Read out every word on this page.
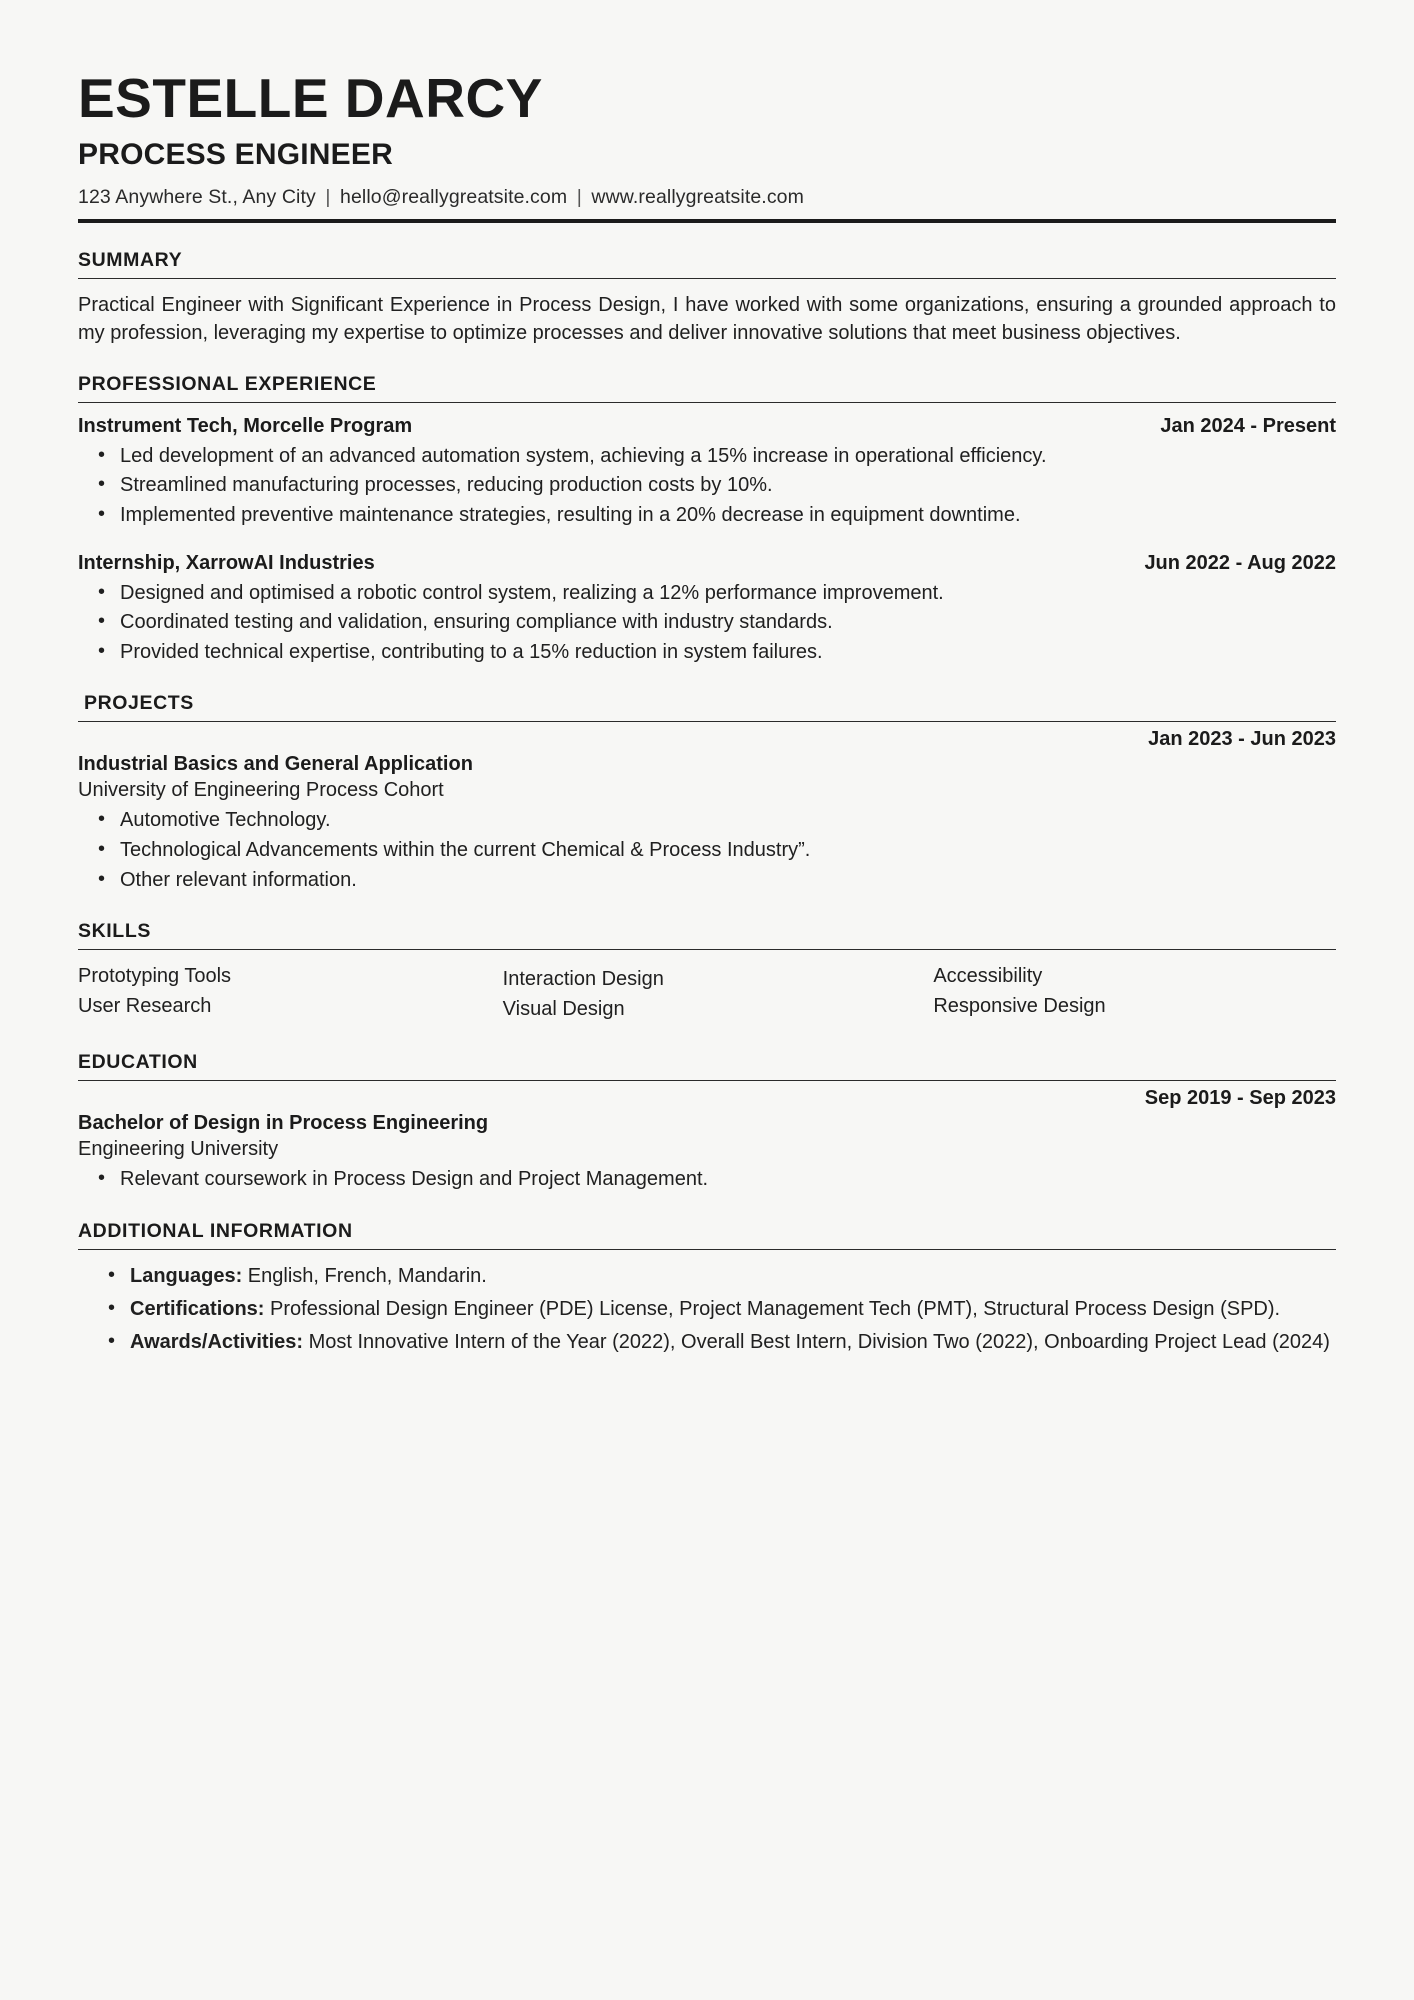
ESTELLE DARCY
PROCESS ENGINEER
123 Anywhere St., Any City | hello@reallygreatsite.com | www.reallygreatsite.com
SUMMARY

Practical Engineer with Significant Experience in Process Design, I have worked with some organizations, ensuring a grounded approach to my profession, leveraging my expertise to optimize processes and deliver innovative solutions that meet business objectives.

PROFESSIONAL EXPERIENCE
Instrument Tech, Morcelle Program	Jan 2024 - Present
• Led development of an advanced automation system, achieving a 15% increase in operational efficiency.
• Streamlined manufacturing processes, reducing production costs by 10%.
• Implemented preventive maintenance strategies, resulting in a 20% decrease in equipment downtime.
Internship, XarrowAI Industries	Jun 2022 - Aug 2022
• Designed and optimised a robotic control system, realizing a 12% performance improvement.
• Coordinated testing and validation, ensuring compliance with industry standards.
• Provided technical expertise, contributing to a 15% reduction in system failures.
PROJECTS
Jan 2023 - Jun 2023
Industrial Basics and General Application
University of Engineering Process Cohort
• Automotive Technology.
• Technological Advancements within the current Chemical & Process Industry”.
• Other relevant information.
SKILLS
Prototyping Tools
User Research
Interaction Design
Visual Design
Accessibility
Responsive Design
EDUCATION
Sep 2019 - Sep 2023
Bachelor of Design in Process Engineering
Engineering University
• Relevant coursework in Process Design and Project Management.
ADDITIONAL INFORMATION
• Languages: English, French, Mandarin.
• Certifications: Professional Design Engineer (PDE) License, Project Management Tech (PMT), Structural Process Design (SPD).
• Awards/Activities: Most Innovative Intern of the Year (2022), Overall Best Intern, Division Two (2022), Onboarding Project Lead (2024)
